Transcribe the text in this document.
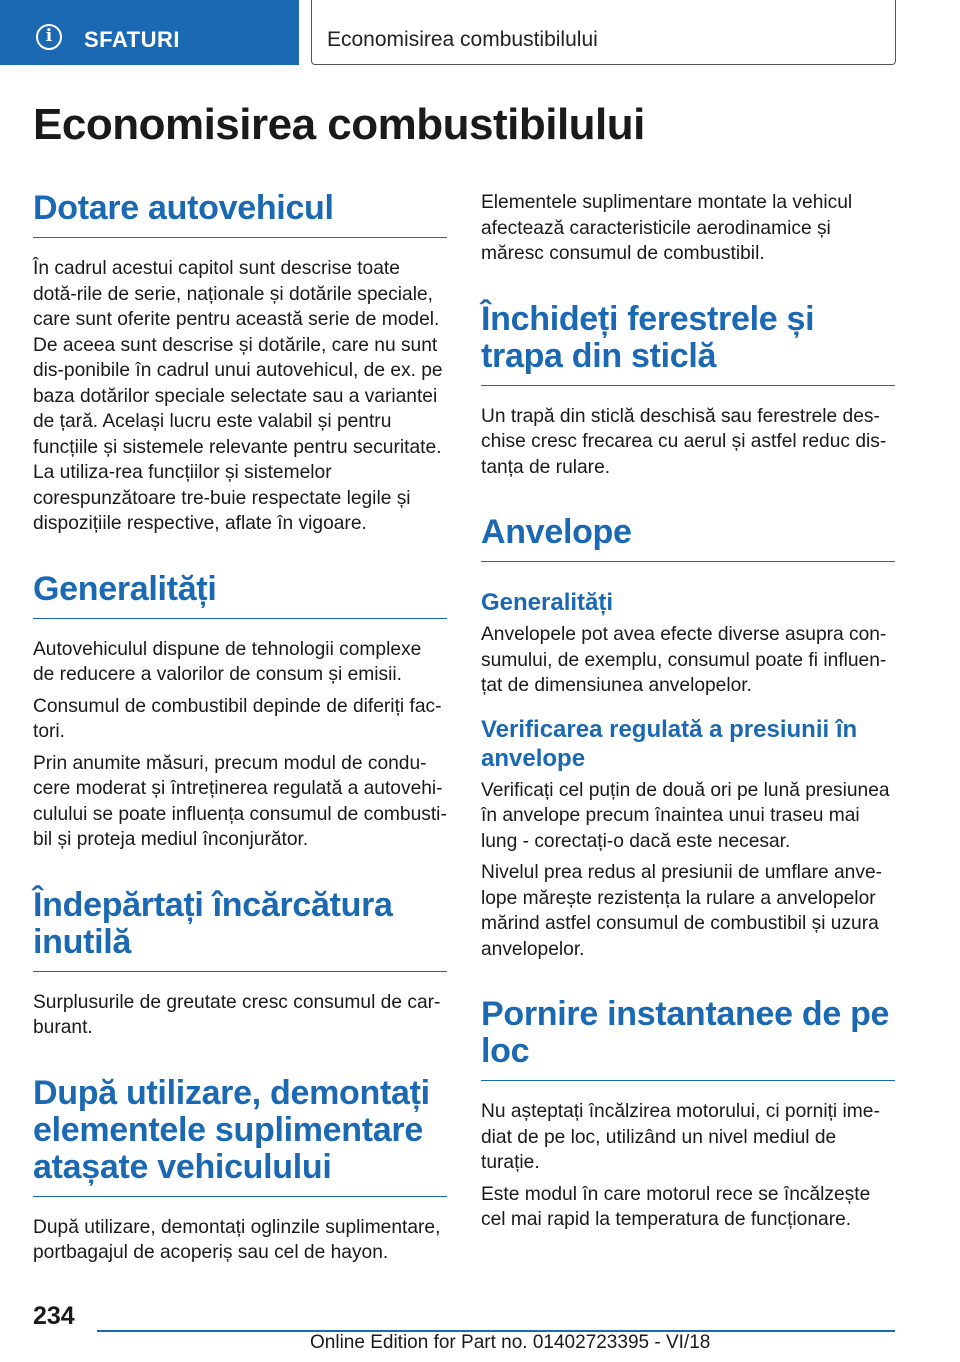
i	SFATURI	Economisirea combustibilului
Economisirea combustibilului
Dotare autovehicul

În cadrul acestui capitol sunt descrise toate dotă-rile de serie, naționale și dotările speciale, care sunt oferite pentru această serie de model. De aceea sunt descrise și dotările, care nu sunt dis-ponibile în cadrul unui autovehicul, de ex. pe baza dotărilor speciale selectate sau a variantei de țară. Același lucru este valabil și pentru funcțiile și sistemele relevante pentru securitate. La utiliza-rea funcțiilor și sistemelor corespunzătoare tre-buie respectate legile și dispozițiile respective, aflate în vigoare.

Generalități

Autovehiculul dispune de tehnologii complexe de reducere a valorilor de consum și emisii.

Consumul de combustibil depinde de diferiți fac-tori.

Prin anumite măsuri, precum modul de condu-cere moderat și întreținerea regulată a autovehi-culului se poate influența consumul de combusti-bil și proteja mediul înconjurător.

Îndepărtați încărcătura inutilă

Surplusurile de greutate cresc consumul de car-burant.

După utilizare, demontați elementele suplimentare atașate vehiculului

După utilizare, demontați oglinzile suplimentare, portbagajul de acoperiș sau cel de hayon.

Elementele suplimentare montate la vehicul afectează caracteristicile aerodinamice și măresc consumul de combustibil.

Închideți ferestrele și trapa din sticlă

Un trapă din sticlă deschisă sau ferestrele des-chise cresc frecarea cu aerul și astfel reduc dis-tanța de rulare.

Anvelope
Generalități

Anvelopele pot avea efecte diverse asupra con-sumului, de exemplu, consumul poate fi influen-țat de dimensiunea anvelopelor.

Verificarea regulată a presiunii în anvelope

Verificați cel puțin de două ori pe lună presiunea în anvelope precum înaintea unui traseu mai lung - corectați-o dacă este necesar.

Nivelul prea redus al presiunii de umflare anve-lope mărește rezistența la rulare a anvelopelor mărind astfel consumul de combustibil și uzura anvelopelor.

Pornire instantanee de pe loc

Nu așteptați încălzirea motorului, ci porniți ime-diat de pe loc, utilizând un nivel mediul de turație.

Este modul în care motorul rece se încălzește cel mai rapid la temperatura de funcționare.

234
Online Edition for Part no. 01402723395 - VI/18
